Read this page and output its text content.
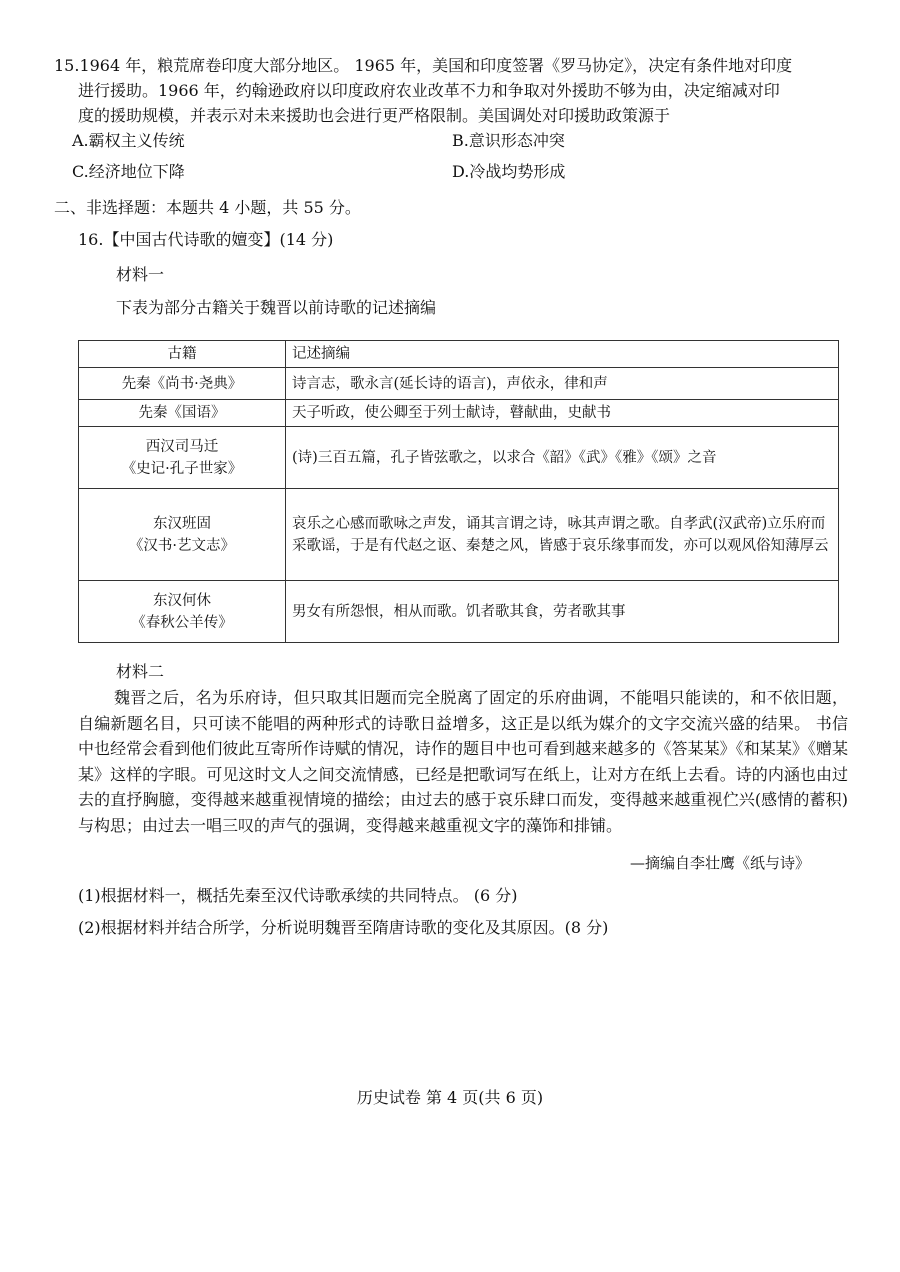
15.1964 年，粮荒席卷印度大部分地区。 1965 年，美国和印度签署《罗马协定》，决定有条件地对印度
进行援助。1966 年，约翰逊政府以印度政府农业改革不力和争取对外援助不够为由，决定缩减对印
度的援助规模，并表示对未来援助也会进行更严格限制。美国调处对印援助政策源于
A.霸权主义传统	B.意识形态冲突
C.经济地位下降	D.冷战均势形成
二、非选择题：本题共 4 小题，共 55 分。
16.【中国古代诗歌的嬗变】(14 分)
材料一
下表为部分古籍关于魏晋以前诗歌的记述摘编
古籍	记述摘编

先秦《尚书·尧典》	诗言志，歌永言(延长诗的语言)，声依永，律和声

先秦《国语》	天子听政，使公卿至于列士献诗，瞽献曲，史献书

西汉司马迁
《史记·孔子世家》	(诗)三百五篇，孔子皆弦歌之，以求合《韶》《武》《雅》《颂》之音

东汉班固
《汉书·艺文志》	哀乐之心感而歌咏之声发，诵其言谓之诗，咏其声谓之歌。自孝武(汉武帝)立乐府而采歌谣，于是有代赵之讴、秦楚之风，皆感于哀乐缘事而发，亦可以观风俗知薄厚云

东汉何休
《春秋公羊传》	男女有所怨恨，相从而歌。饥者歌其食，劳者歌其事
材料二
魏晋之后，名为乐府诗，但只取其旧题而完全脱离了固定的乐府曲调，不能唱只能读的，和不依旧题，自编新题名目，只可读不能唱的两种形式的诗歌日益增多，这正是以纸为媒介的文字交流兴盛的结果。 书信中也经常会看到他们彼此互寄所作诗赋的情况，诗作的题目中也可看到越来越多的《答某某》《和某某》《赠某某》这样的字眼。可见这时文人之间交流情感，已经是把歌词写在纸上，让对方在纸上去看。诗的内涵也由过去的直抒胸臆，变得越来越重视情境的描绘；由过去的感于哀乐肆口而发，变得越来越重视伫兴(感情的蓄积)与构思；由过去一唱三叹的声气的强调，变得越来越重视文字的藻饰和排铺。
—摘编自李壮鹰《纸与诗》
(1)根据材料一，概括先秦至汉代诗歌承续的共同特点。 (6 分)
(2)根据材料并结合所学，分析说明魏晋至隋唐诗歌的变化及其原因。(8 分)
历史试卷 第 4 页(共 6 页)
